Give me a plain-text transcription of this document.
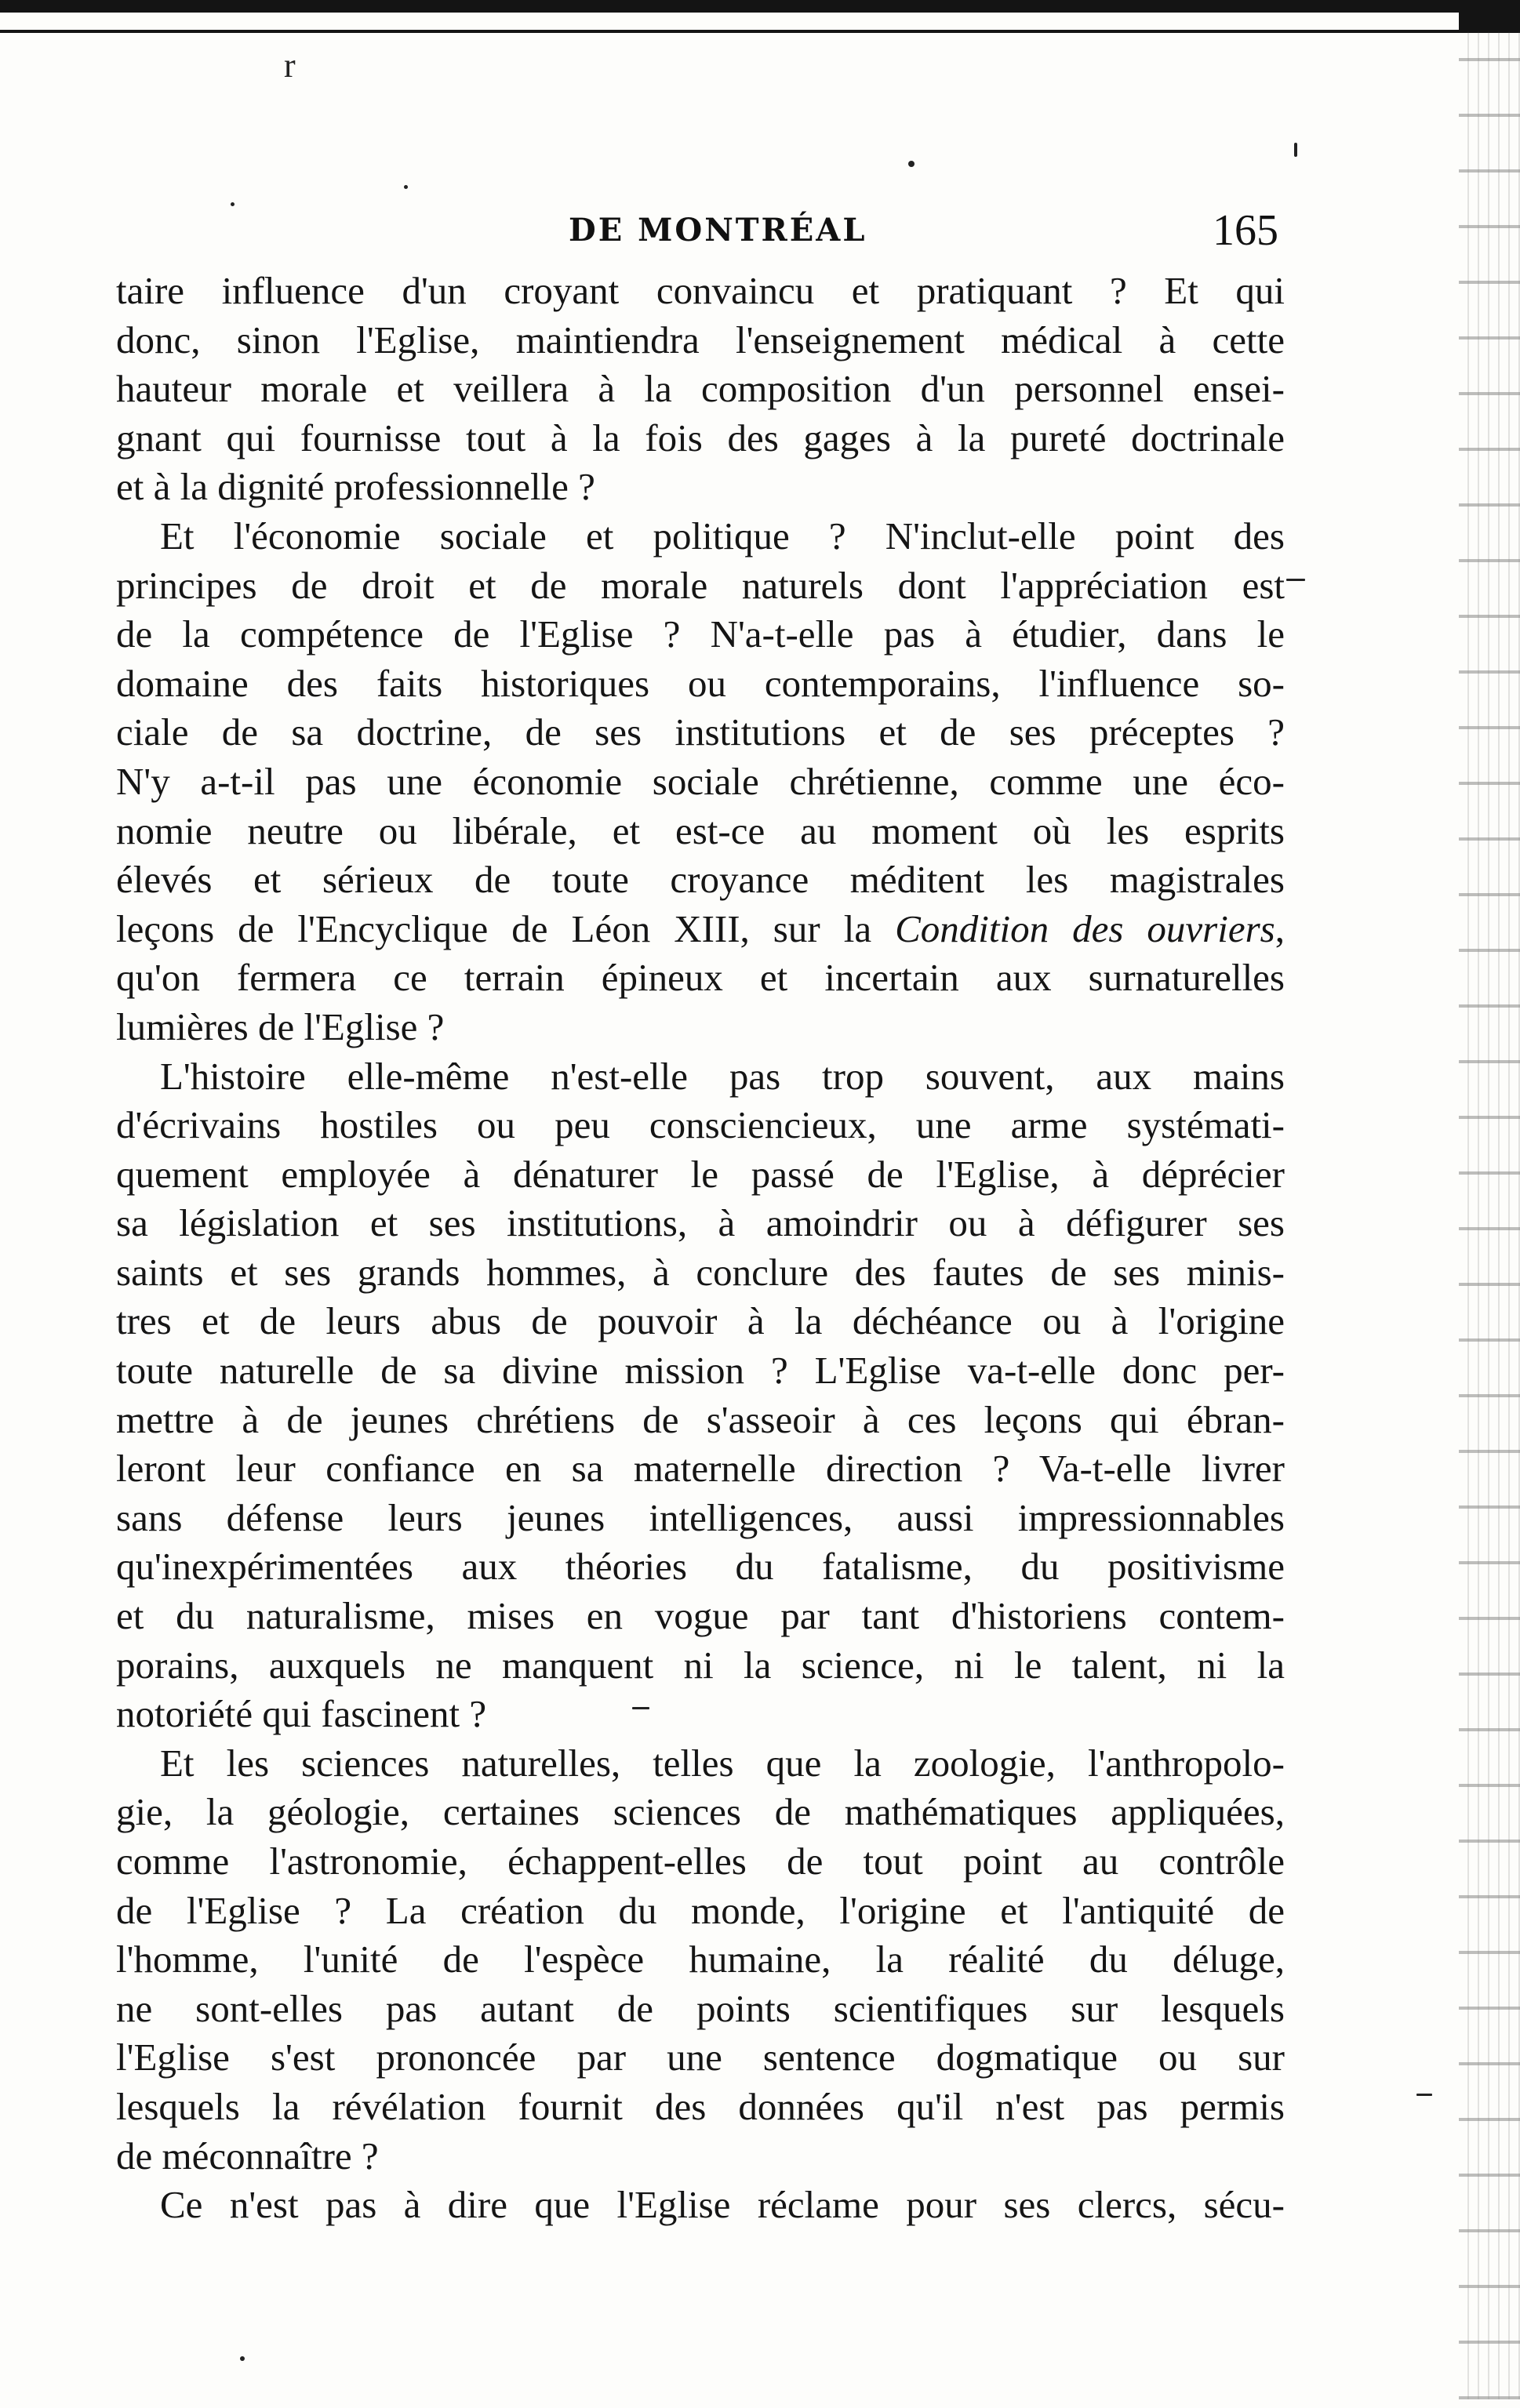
r
DE MONTRÉAL	165
taire influence d'un croyant convaincu et pratiquant ? Et qui
donc, sinon l'Eglise, maintiendra l'enseignement médical à cette
hauteur morale et veillera à la composition d'un personnel ensei-
gnant qui fournisse tout à la fois des gages à la pureté doctrinale
et à la dignité professionnelle ?
Et l'économie sociale et politique ? N'inclut-elle point des
principes de droit et de morale naturels dont l'appréciation est
de la compétence de l'Eglise ? N'a-t-elle pas à étudier, dans le
domaine des faits historiques ou contemporains, l'influence so-
ciale de sa doctrine, de ses institutions et de ses préceptes ?
N'y a-t-il pas une économie sociale chrétienne, comme une éco-
nomie neutre ou libérale, et est-ce au moment où les esprits
élevés et sérieux de toute croyance méditent les magistrales
leçons de l'Encyclique de Léon XIII, sur la Condition des ouvriers,
qu'on fermera ce terrain épineux et incertain aux surnaturelles
lumières de l'Eglise ?
L'histoire elle-même n'est-elle pas trop souvent, aux mains
d'écrivains hostiles ou peu consciencieux, une arme systémati-
quement employée à dénaturer le passé de l'Eglise, à déprécier
sa législation et ses institutions, à amoindrir ou à défigurer ses
saints et ses grands hommes, à conclure des fautes de ses minis-
tres et de leurs abus de pouvoir à la déchéance ou à l'origine
toute naturelle de sa divine mission ? L'Eglise va-t-elle donc per-
mettre à de jeunes chrétiens de s'asseoir à ces leçons qui ébran-
leront leur confiance en sa maternelle direction ? Va-t-elle livrer
sans défense leurs jeunes intelligences, aussi impressionnables
qu'inexpérimentées aux théories du fatalisme, du positivisme
et du naturalisme, mises en vogue par tant d'historiens contem-
porains, auxquels ne manquent ni la science, ni le talent, ni la
notoriété qui fascinent ?
Et les sciences naturelles, telles que la zoologie, l'anthropolo-
gie, la géologie, certaines sciences de mathématiques appliquées,
comme l'astronomie, échappent-elles de tout point au contrôle
de l'Eglise ? La création du monde, l'origine et l'antiquité de
l'homme, l'unité de l'espèce humaine, la réalité du déluge,
ne sont-elles pas autant de points scientifiques sur lesquels
l'Eglise s'est prononcée par une sentence dogmatique ou sur
lesquels la révélation fournit des données qu'il n'est pas permis
de méconnaître ?
Ce n'est pas à dire que l'Eglise réclame pour ses clercs, sécu-
